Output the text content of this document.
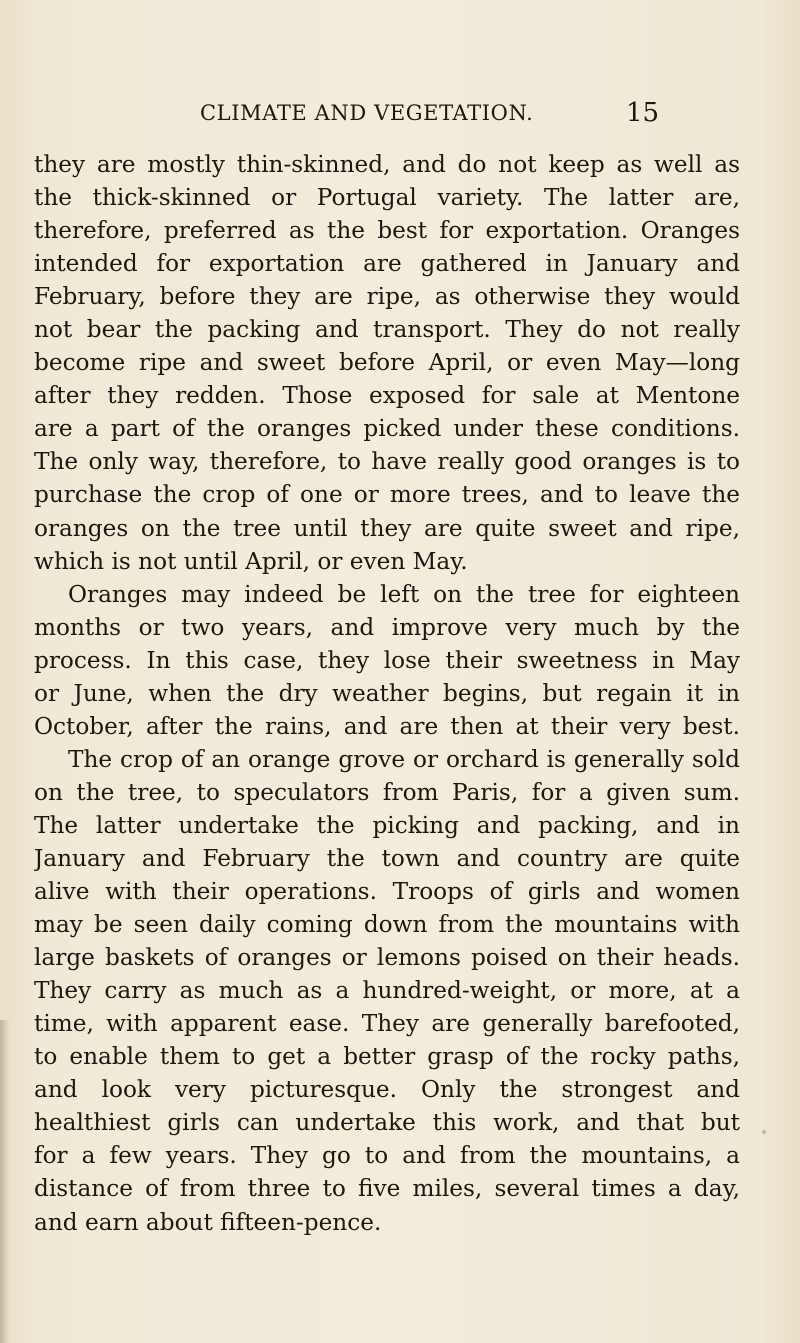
CLIMATE AND VEGETATION.	15
they are mostly thin-skinned, and do not keep as well as
the thick-skinned or Portugal variety. The latter are,
therefore, preferred as the best for exportation. Oranges
intended for exportation are gathered in January and
February, before they are ripe, as otherwise they would
not bear the packing and transport. They do not really
become ripe and sweet before April, or even May—long
after they redden. Those exposed for sale at Mentone
are a part of the oranges picked under these conditions.
The only way, therefore, to have really good oranges is to
purchase the crop of one or more trees, and to leave the
oranges on the tree until they are quite sweet and ripe,
which is not until April, or even May.
Oranges may indeed be left on the tree for eighteen
months or two years, and improve very much by the
process. In this case, they lose their sweetness in May
or June, when the dry weather begins, but regain it in
October, after the rains, and are then at their very best.
The crop of an orange grove or orchard is generally sold
on the tree, to speculators from Paris, for a given sum.
The latter undertake the picking and packing, and in
January and February the town and country are quite
alive with their operations. Troops of girls and women
may be seen daily coming down from the mountains with
large baskets of oranges or lemons poised on their heads.
They carry as much as a hundred-weight, or more, at a
time, with apparent ease. They are generally barefooted,
to enable them to get a better grasp of the rocky paths,
and look very picturesque. Only the strongest and
healthiest girls can undertake this work, and that but
for a few years. They go to and from the mountains, a
distance of from three to five miles, several times a day,
and earn about fifteen-pence.
